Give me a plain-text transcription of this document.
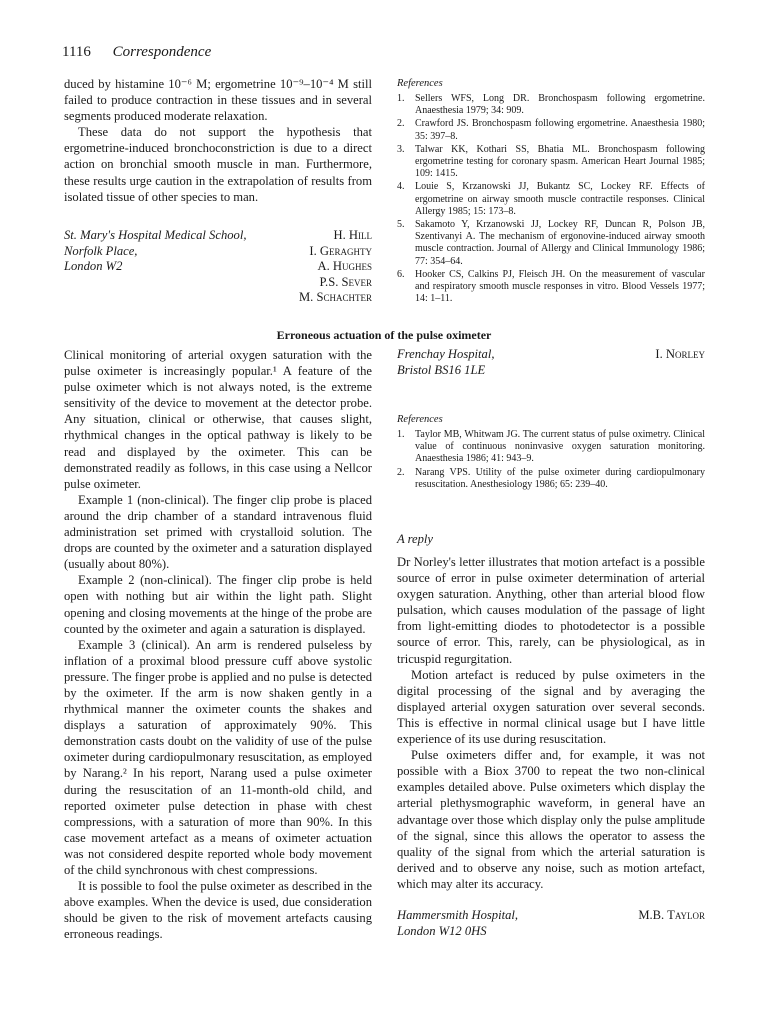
1116 Correspondence

duced by histamine 10⁻⁶ M; ergometrine 10⁻⁹–10⁻⁴ M still failed to produce contraction in these tissues and in several segments produced moderate relaxation.

These data do not support the hypothesis that ergometrine-induced bronchoconstriction is due to a direct action on bronchial smooth muscle in man. Furthermore, these results urge caution in the extrapolation of results from isolated tissue of other species to man.

St. Mary's Hospital Medical School,
Norfolk Place,
London W2
H. Hill
I. Geraghty
A. Hughes
P.S. Sever
M. Schachter
References
1. Sellers WFS, Long DR. Bronchospasm following ergometrine. Anaesthesia 1979; 34: 909.
2. Crawford JS. Bronchospasm following ergometrine. Anaesthesia 1980; 35: 397–8.
3. Talwar KK, Kothari SS, Bhatia ML. Bronchospasm following ergometrine testing for coronary spasm. American Heart Journal 1985; 109: 1415.
4. Louie S, Krzanowski JJ, Bukantz SC, Lockey RF. Effects of ergometrine on airway smooth muscle contractile responses. Clinical Allergy 1985; 15: 173–8.
5. Sakamoto Y, Krzanowski JJ, Lockey RF, Duncan R, Polson JB, Szentivanyi A. The mechanism of ergonovine-induced airway smooth muscle contraction. Journal of Allergy and Clinical Immunology 1986; 77: 354–64.
6. Hooker CS, Calkins PJ, Fleisch JH. On the measurement of vascular and respiratory smooth muscle responses in vitro. Blood Vessels 1977; 14: 1–11.
Erroneous actuation of the pulse oximeter

Clinical monitoring of arterial oxygen saturation with the pulse oximeter is increasingly popular.¹ A feature of the pulse oximeter which is not always noted, is the extreme sensitivity of the device to movement at the detector probe. Any situation, clinical or otherwise, that causes slight, rhythmical changes in the optical pathway is likely to be read and displayed by the oximeter. This can be demonstrated readily as follows, in this case using a Nellcor pulse oximeter.

Example 1 (non-clinical). The finger clip probe is placed around the drip chamber of a standard intravenous fluid administration set primed with crystalloid solution. The drops are counted by the oximeter and a saturation displayed (usually about 80%).

Example 2 (non-clinical). The finger clip probe is held open with nothing but air within the light path. Slight opening and closing movements at the hinge of the probe are counted by the oximeter and again a saturation is displayed.

Example 3 (clinical). An arm is rendered pulseless by inflation of a proximal blood pressure cuff above systolic pressure. The finger probe is applied and no pulse is detected by the oximeter. If the arm is now shaken gently in a rhythmical manner the oximeter counts the shakes and displays a saturation of approximately 90%. This demonstration casts doubt on the validity of use of the pulse oximeter during cardiopulmonary resuscitation, as employed by Narang.² In his report, Narang used a pulse oximeter during the resuscitation of an 11-month-old child, and reported oximeter pulse detection in phase with chest compressions, with a saturation of more than 90%. In this case movement artefact as a means of oximeter actuation was not considered despite reported whole body movement of the child synchronous with chest compressions.

It is possible to fool the pulse oximeter as described in the above examples. When the device is used, due consideration should be given to the risk of movement artefacts causing erroneous readings.

Frenchay Hospital,
Bristol BS16 1LE
I. Norley
References
1. Taylor MB, Whitwam JG. The current status of pulse oximetry. Clinical value of continuous noninvasive oxygen saturation monitoring. Anaesthesia 1986; 41: 943–9.
2. Narang VPS. Utility of the pulse oximeter during cardiopulmonary resuscitation. Anesthesiology 1986; 65: 239–40.
A reply

Dr Norley's letter illustrates that motion artefact is a possible source of error in pulse oximeter determination of arterial oxygen saturation. Anything, other than arterial blood flow pulsation, which causes modulation of the passage of light from light-emitting diodes to photodetector is a possible source of error. This, rarely, can be physiological, as in tricuspid regurgitation.

Motion artefact is reduced by pulse oximeters in the digital processing of the signal and by averaging the displayed arterial oxygen saturation over several seconds. This is effective in normal clinical usage but I have little experience of its use during resuscitation.

Pulse oximeters differ and, for example, it was not possible with a Biox 3700 to repeat the two non-clinical examples detailed above. Pulse oximeters which display the arterial plethysmographic waveform, in general have an advantage over those which display only the pulse amplitude of the signal, since this allows the operator to assess the quality of the signal from which the arterial saturation is derived and to observe any noise, such as motion artefact, which may alter its accuracy.

Hammersmith Hospital,
London W12 0HS
M.B. Taylor
